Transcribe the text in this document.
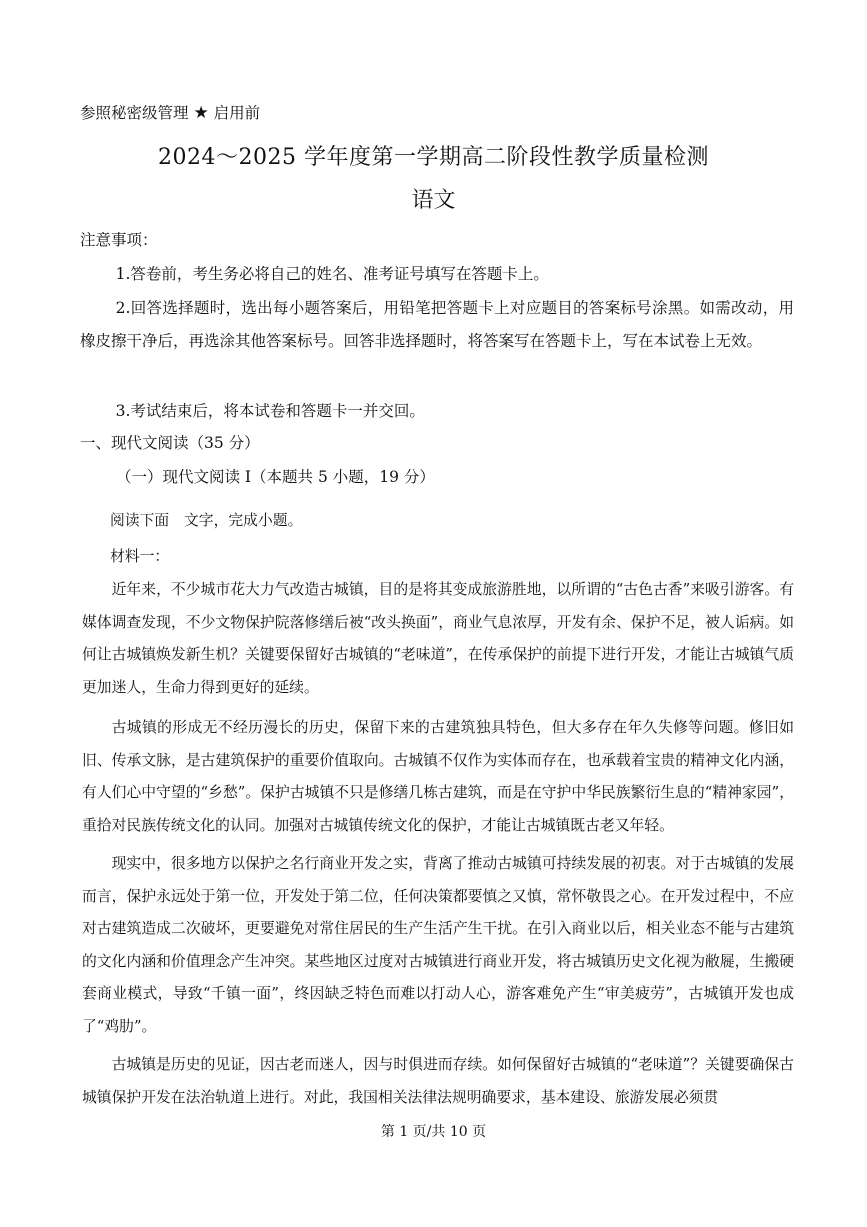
参照秘密级管理 ★ 启用前
2024～2025 学年度第一学期高二阶段性教学质量检测
语文
注意事项：
1.答卷前，考生务必将自己的姓名、准考证号填写在答题卡上。
2.回答选择题时，选出每小题答案后，用铅笔把答题卡上对应题目的答案标号涂黑。如需改动，用橡皮擦干净后，再选涂其他答案标号。回答非选择题时，将答案写在答题卡上，写在本试卷上无效。
3.考试结束后，将本试卷和答题卡一并交回。
一、现代文阅读（35 分）
（一）现代文阅读 I（本题共 5 小题，19 分）
阅读下面　文字，完成小题。
材料一：
近年来，不少城市花大力气改造古城镇，目的是将其变成旅游胜地，以所谓的“古色古香”来吸引游客。有媒体调查发现，不少文物保护院落修缮后被“改头换面”，商业气息浓厚，开发有余、保护不足，被人诟病。如何让古城镇焕发新生机？关键要保留好古城镇的“老味道”，在传承保护的前提下进行开发，才能让古城镇气质更加迷人，生命力得到更好的延续。
古城镇的形成无不经历漫长的历史，保留下来的古建筑独具特色，但大多存在年久失修等问题。修旧如旧、传承文脉，是古建筑保护的重要价值取向。古城镇不仅作为实体而存在，也承载着宝贵的精神文化内涵，有人们心中守望的“乡愁”。保护古城镇不只是修缮几栋古建筑，而是在守护中华民族繁衍生息的“精神家园”，重拾对民族传统文化的认同。加强对古城镇传统文化的保护，才能让古城镇既古老又年轻。
现实中，很多地方以保护之名行商业开发之实，背离了推动古城镇可持续发展的初衷。对于古城镇的发展而言，保护永远处于第一位，开发处于第二位，任何决策都要慎之又慎，常怀敬畏之心。在开发过程中，不应对古建筑造成二次破坏，更要避免对常住居民的生产生活产生干扰。在引入商业以后，相关业态不能与古建筑的文化内涵和价值理念产生冲突。某些地区过度对古城镇进行商业开发，将古城镇历史文化视为敝屣，生搬硬套商业模式，导致“千镇一面”，终因缺乏特色而难以打动人心，游客难免产生“审美疲劳”，古城镇开发也成了“鸡肋”。
古城镇是历史的见证，因古老而迷人，因与时俱进而存续。如何保留好古城镇的“老味道”？关键要确保古城镇保护开发在法治轨道上进行。对此，我国相关法律法规明确要求，基本建设、旅游发展必须贯
第 1 页/共 10 页
